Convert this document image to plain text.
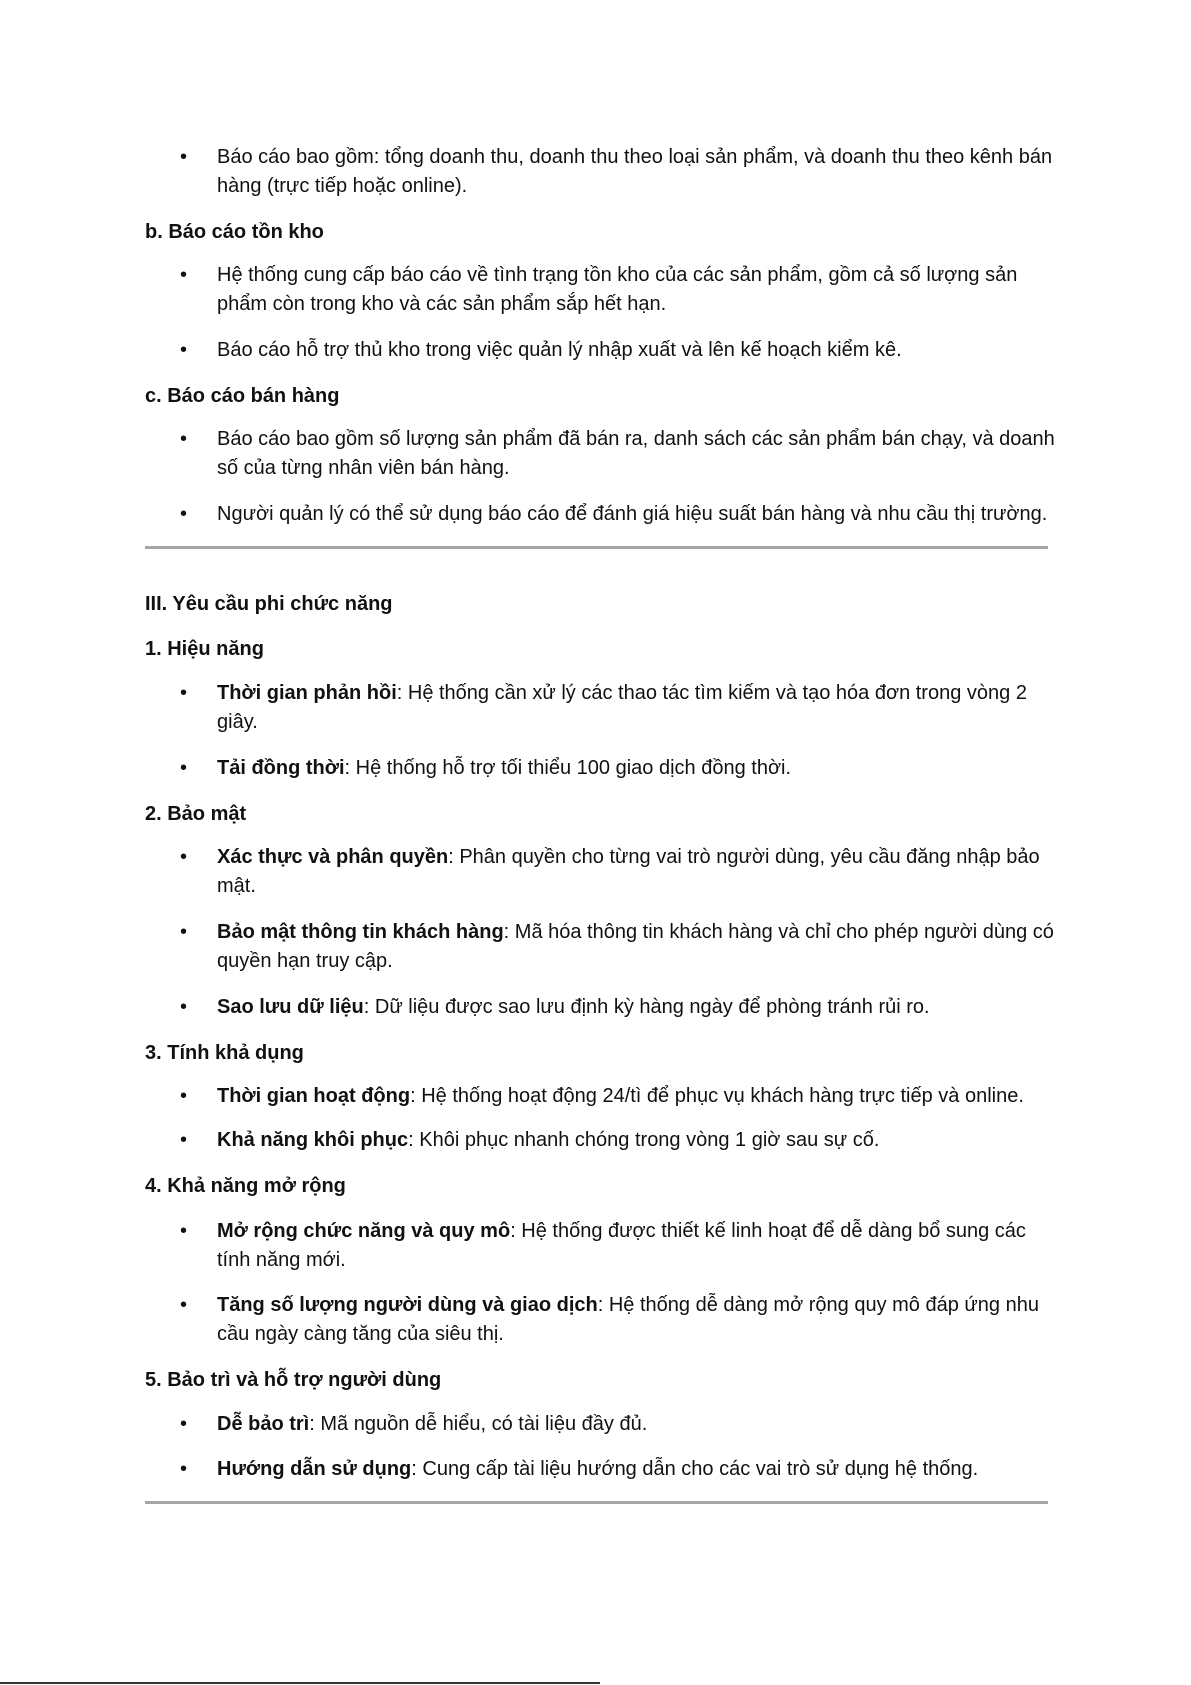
• Báo cáo bao gồm: tổng doanh thu, doanh thu theo loại sản phẩm, và doanh thu theo kênh bán hàng (trực tiếp hoặc online).
b. Báo cáo tồn kho
• Hệ thống cung cấp báo cáo về tình trạng tồn kho của các sản phẩm, gồm cả số lượng sản phẩm còn trong kho và các sản phẩm sắp hết hạn.
• Báo cáo hỗ trợ thủ kho trong việc quản lý nhập xuất và lên kế hoạch kiểm kê.
c. Báo cáo bán hàng
• Báo cáo bao gồm số lượng sản phẩm đã bán ra, danh sách các sản phẩm bán chạy, và doanh số của từng nhân viên bán hàng.
• Người quản lý có thể sử dụng báo cáo để đánh giá hiệu suất bán hàng và nhu cầu thị trường.
III. Yêu cầu phi chức năng
1. Hiệu năng
• Thời gian phản hồi: Hệ thống cần xử lý các thao tác tìm kiếm và tạo hóa đơn trong vòng 2 giây.
• Tải đồng thời: Hệ thống hỗ trợ tối thiểu 100 giao dịch đồng thời.
2. Bảo mật
• Xác thực và phân quyền: Phân quyền cho từng vai trò người dùng, yêu cầu đăng nhập bảo mật.
• Bảo mật thông tin khách hàng: Mã hóa thông tin khách hàng và chỉ cho phép người dùng có quyền hạn truy cập.
• Sao lưu dữ liệu: Dữ liệu được sao lưu định kỳ hàng ngày để phòng tránh rủi ro.
3. Tính khả dụng
• Thời gian hoạt động: Hệ thống hoạt động 24/tì để phục vụ khách hàng trực tiếp và online.
• Khả năng khôi phục: Khôi phục nhanh chóng trong vòng 1 giờ sau sự cố.
4. Khả năng mở rộng
• Mở rộng chức năng và quy mô: Hệ thống được thiết kế linh hoạt để dễ dàng bổ sung các tính năng mới.
• Tăng số lượng người dùng và giao dịch: Hệ thống dễ dàng mở rộng quy mô đáp ứng nhu cầu ngày càng tăng của siêu thị.
5. Bảo trì và hỗ trợ người dùng
• Dễ bảo trì: Mã nguồn dễ hiểu, có tài liệu đầy đủ.
• Hướng dẫn sử dụng: Cung cấp tài liệu hướng dẫn cho các vai trò sử dụng hệ thống.
